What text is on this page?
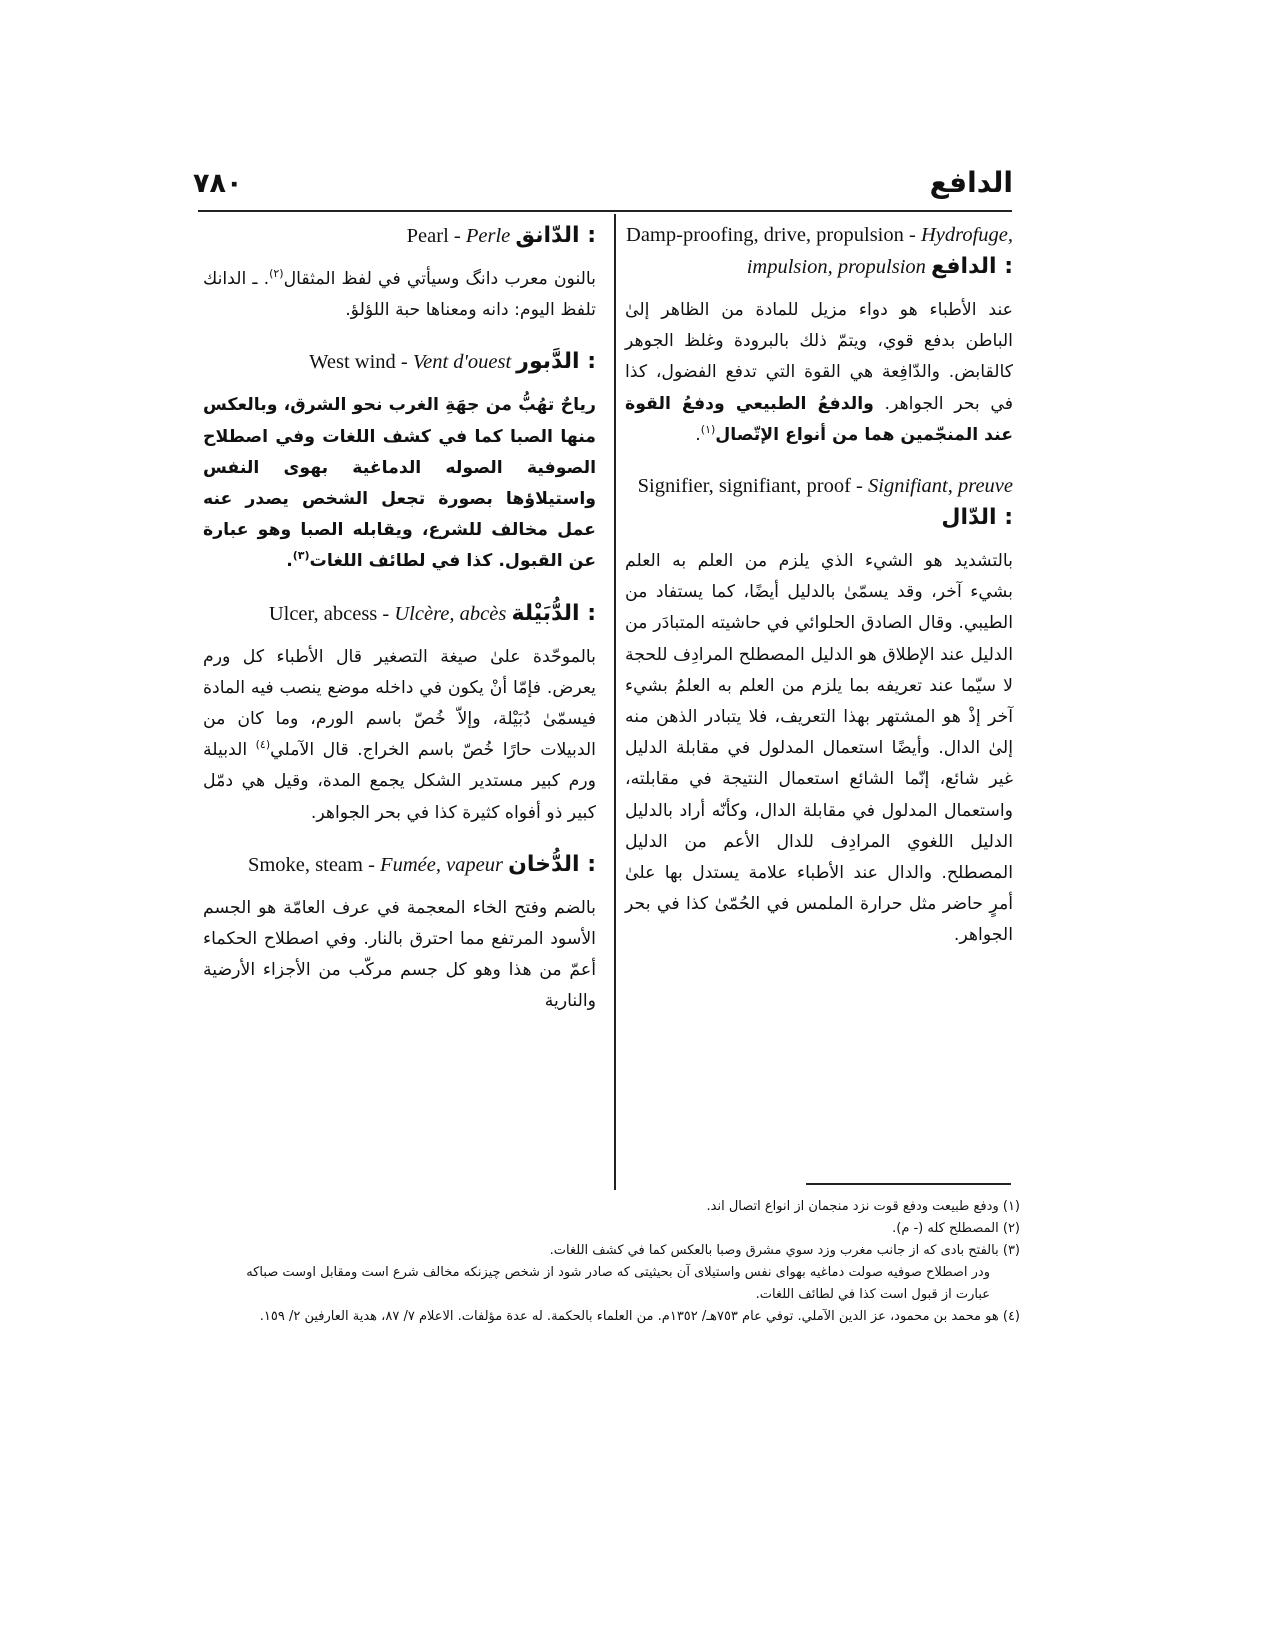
٧٨٠	الدافع
Damp-proofing, drive, propulsion - Hydrofuge, impulsion, propulsion الدافع :
عند الأطباء هو دواء مزيل للمادة من الظاهر إلىٰ الباطن بدفع قوي، ويتمّ ذلك بالبرودة وغلظ الجوهر كالقابض. والدّافِعة هي القوة التي تدفع الفضول، كذا في بحر الجواهر. والدفعُ الطبيعي ودفعُ القوة عند المنجّمين هما من أنواع الإتّصال$^{(١)}$.
Signifier, signifiant, proof - Signifiant, preuve الدّال :
بالتشديد هو الشيء الذي يلزم من العلم به العلم بشيء آخر، وقد يسمّىٰ بالدليل أيضًا، كما يستفاد من الطيبي. وقال الصادق الحلوائي في حاشيته المتبادَر من الدليل عند الإطلاق هو الدليل المصطلح المرادِف للحجة لا سيّما عند تعريفه بما يلزم من العلم به العلمُ بشيء آخر إذْ هو المشتهر بهذا التعريف، فلا يتبادر الذهن منه إلىٰ الدال. وأيضًا استعمال المدلول في مقابلة الدليل غير شائع، إنّما الشائع استعمال النتيجة في مقابلته، واستعمال المدلول في مقابلة الدال، وكأنّه أراد بالدليل الدليل اللغوي المرادِف للدال الأعم من الدليل المصطلح. والدال عند الأطباء علامة يستدل بها علىٰ أمرٍ حاضر مثل حرارة الملمس في الحُمّىٰ كذا في بحر الجواهر.
Pearl - Perle الدّانق :
بالنون معرب دانگ وسيأتي في لفظ المثقال$^{(٢)}$. ـ الدانك تلفظ اليوم: دانه ومعناها حبة اللؤلؤ.
West wind - Vent d'ouest الدَّبور :
رياحٌ تهُبُّ من جهَةِ الغرب نحو الشرق، وبالعكس منها الصبا كما في كشف اللغات وفي اصطلاح الصوفية الصوله الدماغية بهوى النفس واستيلاؤها بصورة تجعل الشخص يصدر عنه عمل مخالف للشرع، ويقابله الصبا وهو عبارة عن القبول. كذا في لطائف اللغات$^{(٣)}$.
Ulcer, abcess - Ulcère, abcès الدُّبَيْلة :
بالموحّدة علىٰ صيغة التصغير قال الأطباء كل ورم يعرض. فإمّا أنْ يكون في داخله موضع ينصب فيه المادة فيسمّىٰ دُبَيْلة، وإلاّ خُصّ باسم الورم، وما كان من الدبيلات حارًا خُصّ باسم الخراج. قال الآملي$^{(٤)}$ الدبيلة ورم كبير مستدير الشكل يجمع المدة، وقيل هي دمّل كبير ذو أفواه كثيرة كذا في بحر الجواهر.
Smoke, steam - Fumée, vapeur الدُّخان :
بالضم وفتح الخاء المعجمة في عرف العامّة هو الجسم الأسود المرتفع مما احترق بالنار. وفي اصطلاح الحكماء أعمّ من هذا وهو كل جسم مركّب من الأجزاء الأرضية والنارية

(١) ودفع طبيعت ودفع قوت نزد منجمان از انواع اتصال اند.

(٢) المصطلح كله (- م).

(٣) بالفتح بادى كه از جانب مغرب وزد سوي مشرق وصبا بالعكس كما في كشف اللغات.

ودر اصطلاح صوفيه صولت دماغيه بهواى نفس واستيلاى آن بحيثيتى كه صادر شود از شخص چيزنكه مخالف شرع است ومقابل اوست صباكه عبارت از قبول است كذا في لطائف اللغات.

(٤) هو محمد بن محمود، عز الدين الآملي. توفي عام ٧٥٣هـ/ ١٣٥٢م. من العلماء بالحكمة. له عدة مؤلفات. الاعلام ٧/ ٨٧، هدية العارفين ٢/ ١٥٩.
